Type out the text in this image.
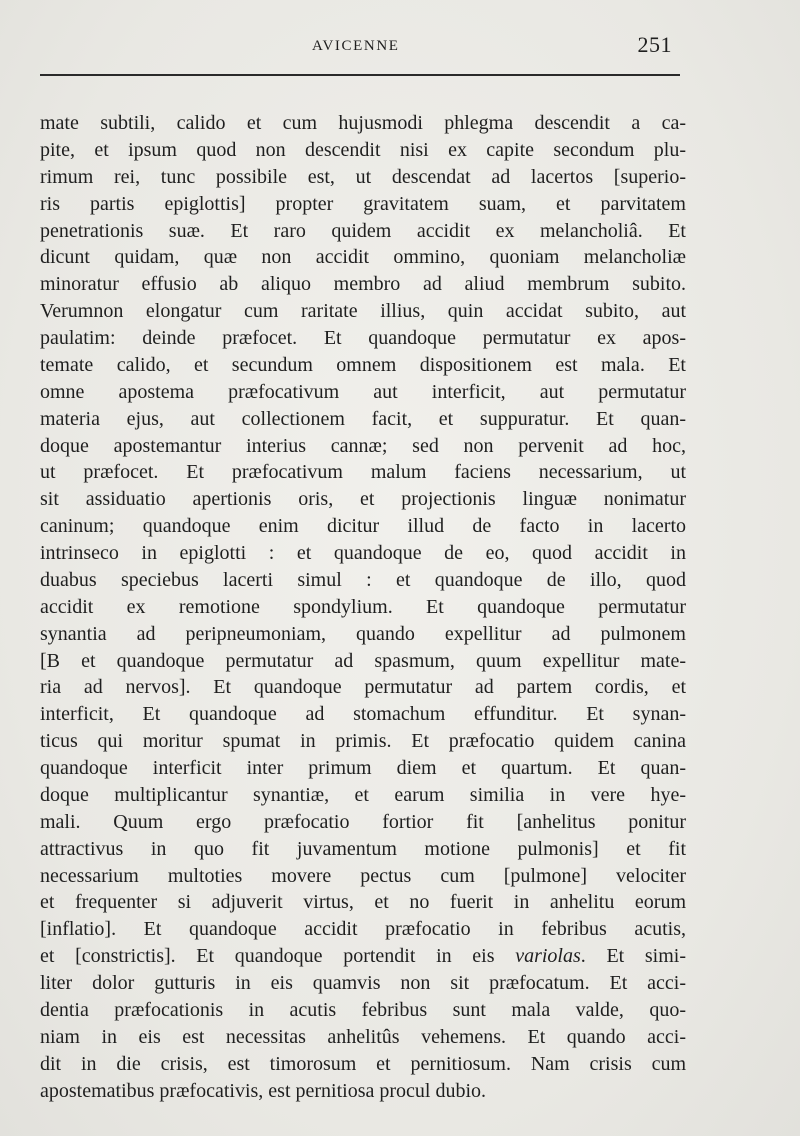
AVICENNE	251
mate subtili, calido et cum hujusmodi phlegma descendit a ca-
pite, et ipsum quod non descendit nisi ex capite secondum plu-
rimum rei, tunc possibile est, ut descendat ad lacertos [superio-
ris partis epiglottis] propter gravitatem suam, et parvitatem
penetrationis suæ. Et raro quidem accidit ex melancholiâ. Et
dicunt quidam, quæ non accidit ommino, quoniam melancholiæ
minoratur effusio ab aliquo membro ad aliud membrum subito.
Verumnon elongatur cum raritate illius, quin accidat subito, aut
paulatim: deinde præfocet. Et quandoque permutatur ex apos-
temate calido, et secundum omnem dispositionem est mala. Et
omne apostema præfocativum aut interficit, aut permutatur
materia ejus, aut collectionem facit, et suppuratur. Et quan-
doque apostemantur interius cannæ; sed non pervenit ad hoc,
ut præfocet. Et præfocativum malum faciens necessarium, ut
sit assiduatio apertionis oris, et projectionis linguæ nonimatur
caninum; quandoque enim dicitur illud de facto in lacerto
intrinseco in epiglotti : et quandoque de eo, quod accidit in
duabus speciebus lacerti simul : et quandoque de illo, quod
accidit ex remotione spondylium. Et quandoque permutatur
synantia ad peripneumoniam, quando expellitur ad pulmonem
[B et quandoque permutatur ad spasmum, quum expellitur mate-
ria ad nervos]. Et quandoque permutatur ad partem cordis, et
interficit, Et quandoque ad stomachum effunditur. Et synan-
ticus qui moritur spumat in primis. Et præfocatio quidem canina
quandoque interficit inter primum diem et quartum. Et quan-
doque multiplicantur synantiæ, et earum similia in vere hye-
mali. Quum ergo præfocatio fortior fit [anhelitus ponitur
attractivus in quo fit juvamentum motione pulmonis] et fit
necessarium multoties movere pectus cum [pulmone] velociter
et frequenter si adjuverit virtus, et no fuerit in anhelitu eorum
[inflatio]. Et quandoque accidit præfocatio in febribus acutis,
et [constrictis]. Et quandoque portendit in eis variolas. Et simi-
liter dolor gutturis in eis quamvis non sit præfocatum. Et acci-
dentia præfocationis in acutis febribus sunt mala valde, quo-
niam in eis est necessitas anhelitûs vehemens. Et quando acci-
dit in die crisis, est timorosum et pernitiosum. Nam crisis cum
apostematibus præfocativis, est pernitiosa procul dubio.
